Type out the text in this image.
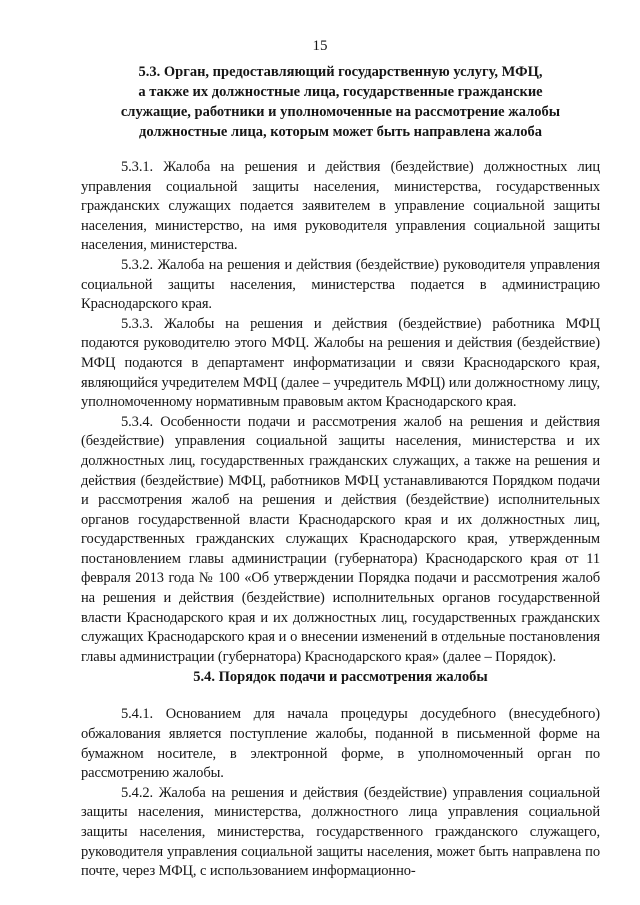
15
5.3. Орган, предоставляющий государственную услугу, МФЦ,
а также их должностные лица, государственные гражданские
служащие, работники и уполномоченные на рассмотрение жалобы
должностные лица, которым может быть направлена жалоба

5.3.1. Жалоба на решения и действия (бездействие) должностных лиц управления социальной защиты населения, министерства, государственных гражданских служащих подается заявителем в управление социальной защиты населения, министерство, на имя руководителя управления социальной защиты населения, министерства.

5.3.2. Жалоба на решения и действия (бездействие) руководителя управления социальной защиты населения, министерства подается в администрацию Краснодарского края.

5.3.3. Жалобы на решения и действия (бездействие) работника МФЦ подаются руководителю этого МФЦ. Жалобы на решения и действия (бездействие) МФЦ подаются в департамент информатизации и связи Краснодарского края, являющийся учредителем МФЦ (далее – учредитель МФЦ) или должностному лицу, уполномоченному нормативным правовым актом Краснодарского края.

5.3.4. Особенности подачи и рассмотрения жалоб на решения и действия (бездействие) управления социальной защиты населения, министерства и их должностных лиц, государственных гражданских служащих, а также на решения и действия (бездействие) МФЦ, работников МФЦ устанавливаются Порядком подачи и рассмотрения жалоб на решения и действия (бездействие) исполнительных органов государственной власти Краснодарского края и их должностных лиц, государственных гражданских служащих Краснодарского края, утвержденным постановлением главы администрации (губернатора) Краснодарского края от 11 февраля 2013 года № 100 «Об утверждении Порядка подачи и рассмотрения жалоб на решения и действия (бездействие) исполнительных органов государственной власти Краснодарского края и их должностных лиц, государственных гражданских служащих Краснодарского края и о внесении изменений в отдельные постановления главы администрации (губернатора) Краснодарского края» (далее – Порядок).

5.4. Порядок подачи и рассмотрения жалобы

5.4.1. Основанием для начала процедуры досудебного (внесудебного) обжалования является поступление жалобы, поданной в письменной форме на бумажном носителе, в электронной форме, в уполномоченный орган по рассмотрению жалобы.

5.4.2. Жалоба на решения и действия (бездействие) управления социальной защиты населения, министерства, должностного лица управления социальной защиты населения, министерства, государственного гражданского служащего, руководителя управления социальной защиты населения, может быть направлена по почте, через МФЦ, с использованием информационно-
